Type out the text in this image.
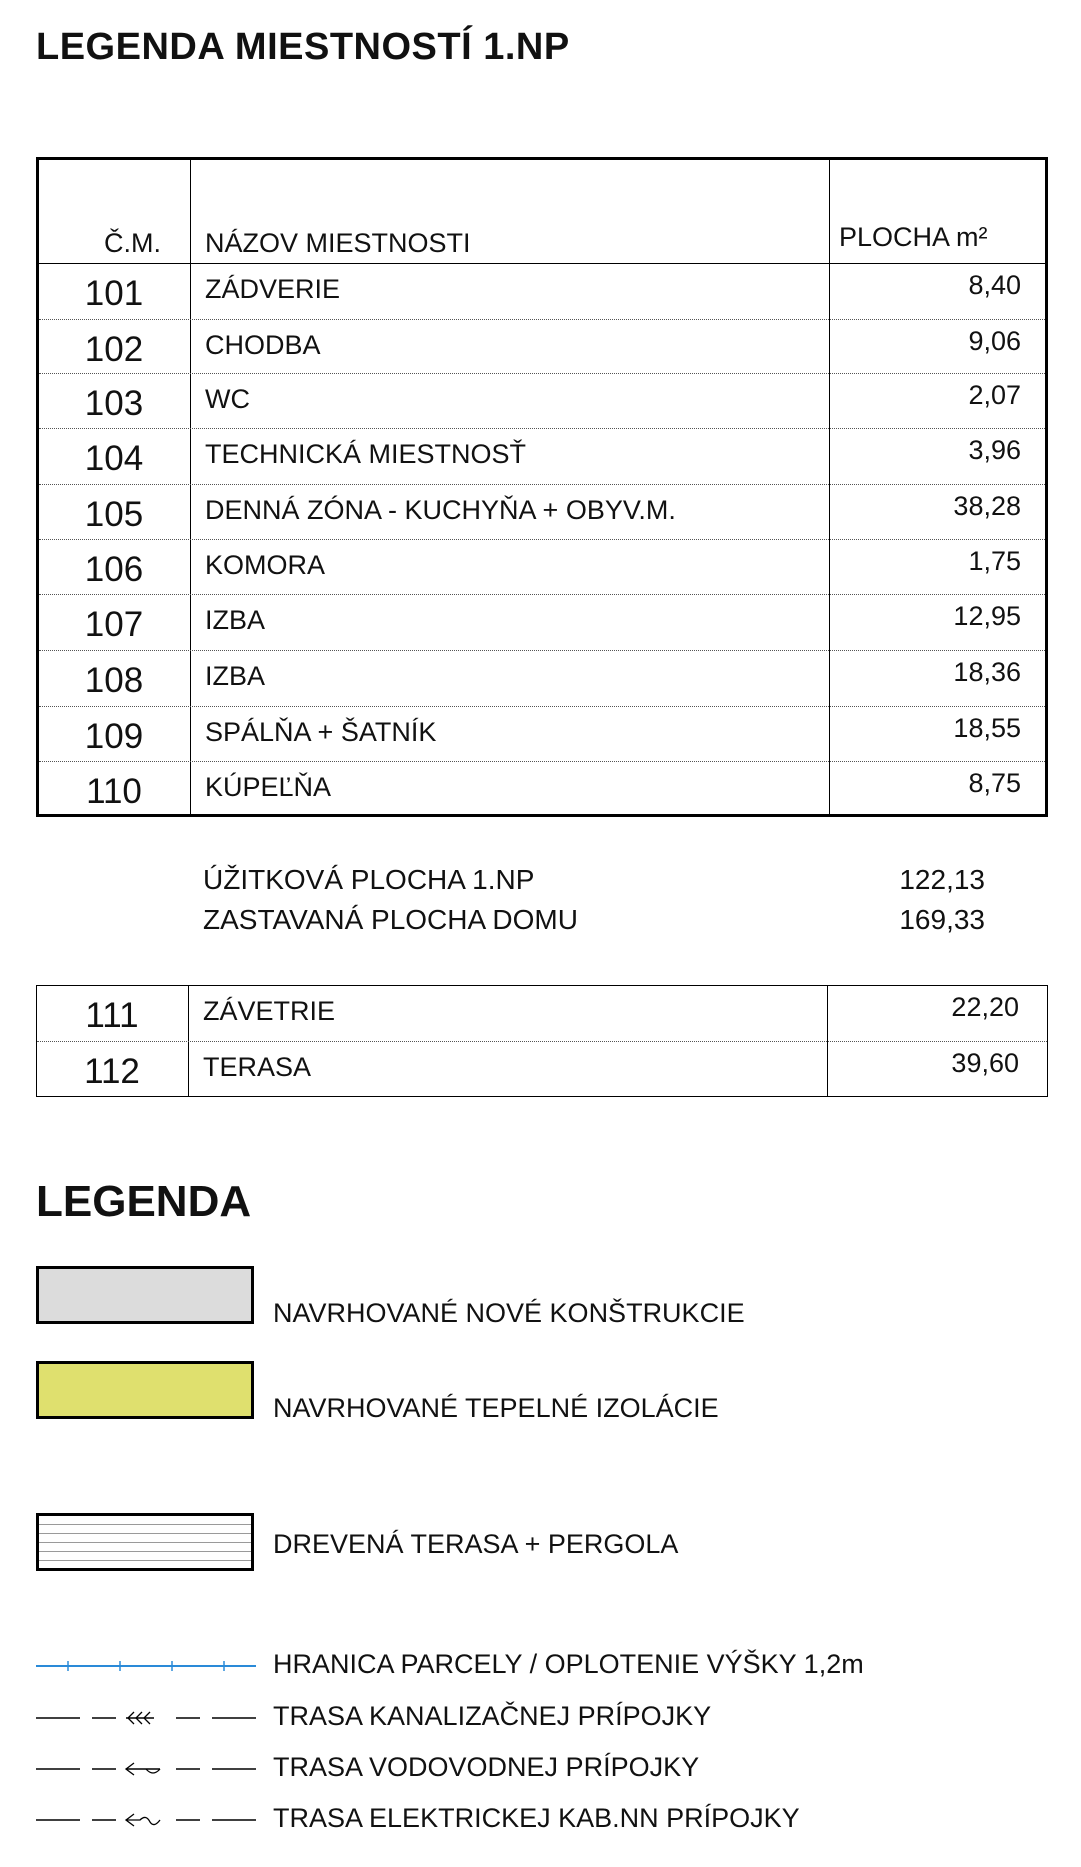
LEGENDA MIESTNOSTÍ 1.NP
Č.M. NÁZOV MIESTNOSTI	PLOCHA m²
101	ZÁDVERIE	8,40
102	CHODBA	9,06
103	WC	2,07
104	TECHNICKÁ MIESTNOSŤ	3,96
105	DENNÁ ZÓNA - KUCHYŇA + OBYV.M.	38,28
106	KOMORA	1,75
107	IZBA	12,95
108	IZBA	18,36
109	SPÁLŇA + ŠATNÍK	18,55
110	KÚPEĽŇA	8,75
ÚŽITKOVÁ PLOCHA 1.NP	122,13
ZASTAVANÁ PLOCHA DOMU	169,33
111	ZÁVETRIE	22,20
112	TERASA	39,60
LEGENDA
NAVRHOVANÉ NOVÉ KONŠTRUKCIE
NAVRHOVANÉ TEPELNÉ IZOLÁCIE
DREVENÁ TERASA + PERGOLA
HRANICA PARCELY / OPLOTENIE VÝŠKY 1,2m
TRASA KANALIZAČNEJ PRÍPOJKY
TRASA VODOVODNEJ PRÍPOJKY
TRASA ELEKTRICKEJ KAB.NN PRÍPOJKY
